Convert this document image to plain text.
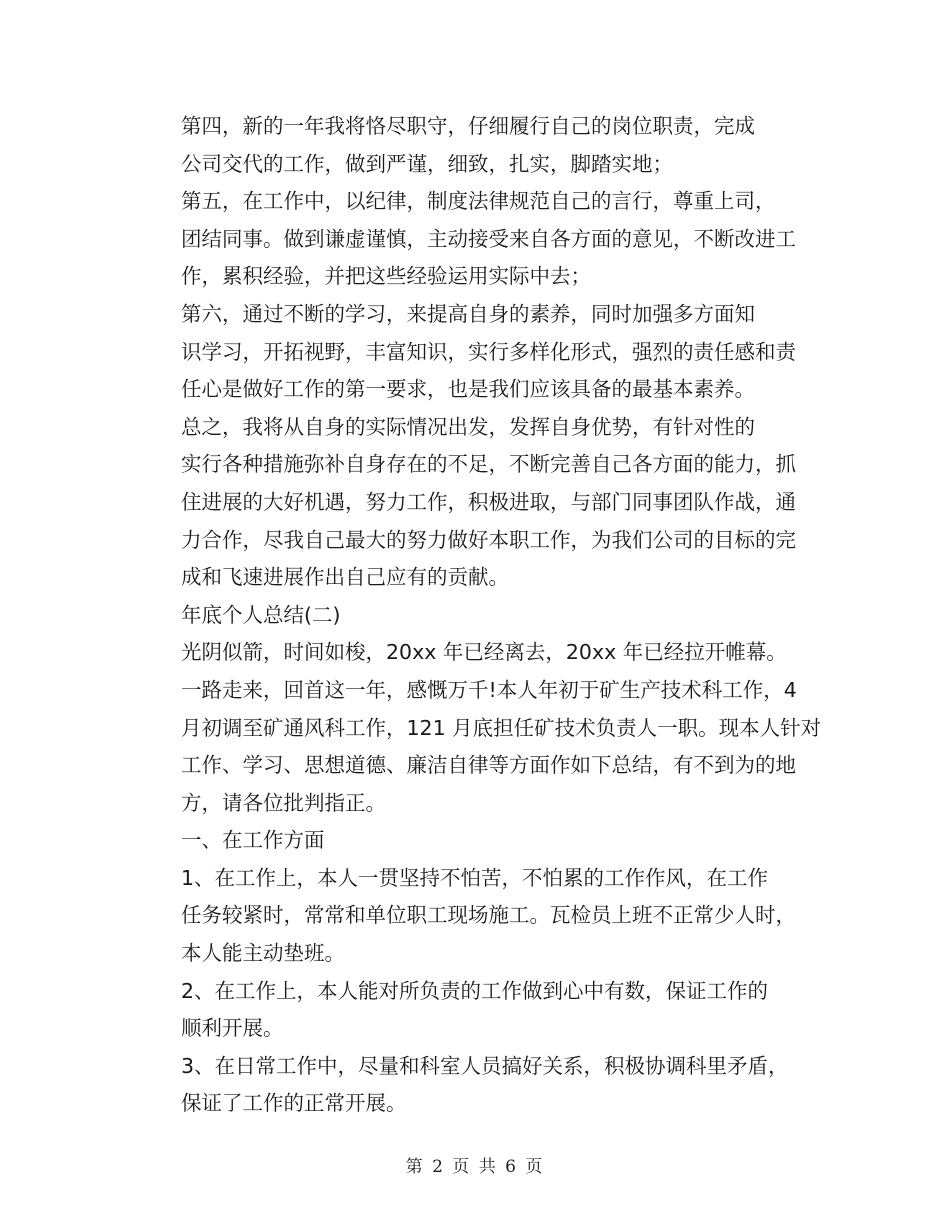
第四，新的一年我将恪尽职守，仔细履行自己的岗位职责，完成
公司交代的工作，做到严谨，细致，扎实，脚踏实地；

第五，在工作中，以纪律，制度法律规范自己的言行，尊重上司，
团结同事。做到谦虚谨慎，主动接受来自各方面的意见，不断改进工
作，累积经验，并把这些经验运用实际中去；

第六，通过不断的学习，来提高自身的素养，同时加强多方面知
识学习，开拓视野，丰富知识，实行多样化形式，强烈的责任感和责
任心是做好工作的第一要求，也是我们应该具备的最基本素养。

总之，我将从自身的实际情况出发，发挥自身优势，有针对性的
实行各种措施弥补自身存在的不足，不断完善自己各方面的能力，抓
住进展的大好机遇，努力工作，积极进取，与部门同事团队作战，通
力合作，尽我自己最大的努力做好本职工作，为我们公司的目标的完
成和飞速进展作出自己应有的贡献。

年底个人总结(二)

光阴似箭，时间如梭，20xx 年已经离去，20xx 年已经拉开帷幕。
一路走来，回首这一年，感慨万千!本人年初于矿生产技术科工作，4
月初调至矿通风科工作，121 月底担任矿技术负责人一职。现本人针对
工作、学习、思想道德、廉洁自律等方面作如下总结，有不到为的地
方，请各位批判指正。

一、在工作方面

1、在工作上，本人一贯坚持不怕苦，不怕累的工作作风，在工作
任务较紧时，常常和单位职工现场施工。瓦检员上班不正常少人时，
本人能主动垫班。

2、在工作上，本人能对所负责的工作做到心中有数，保证工作的
顺利开展。

3、在日常工作中，尽量和科室人员搞好关系，积极协调科里矛盾，
保证了工作的正常开展。

第 2 页 共 6 页
